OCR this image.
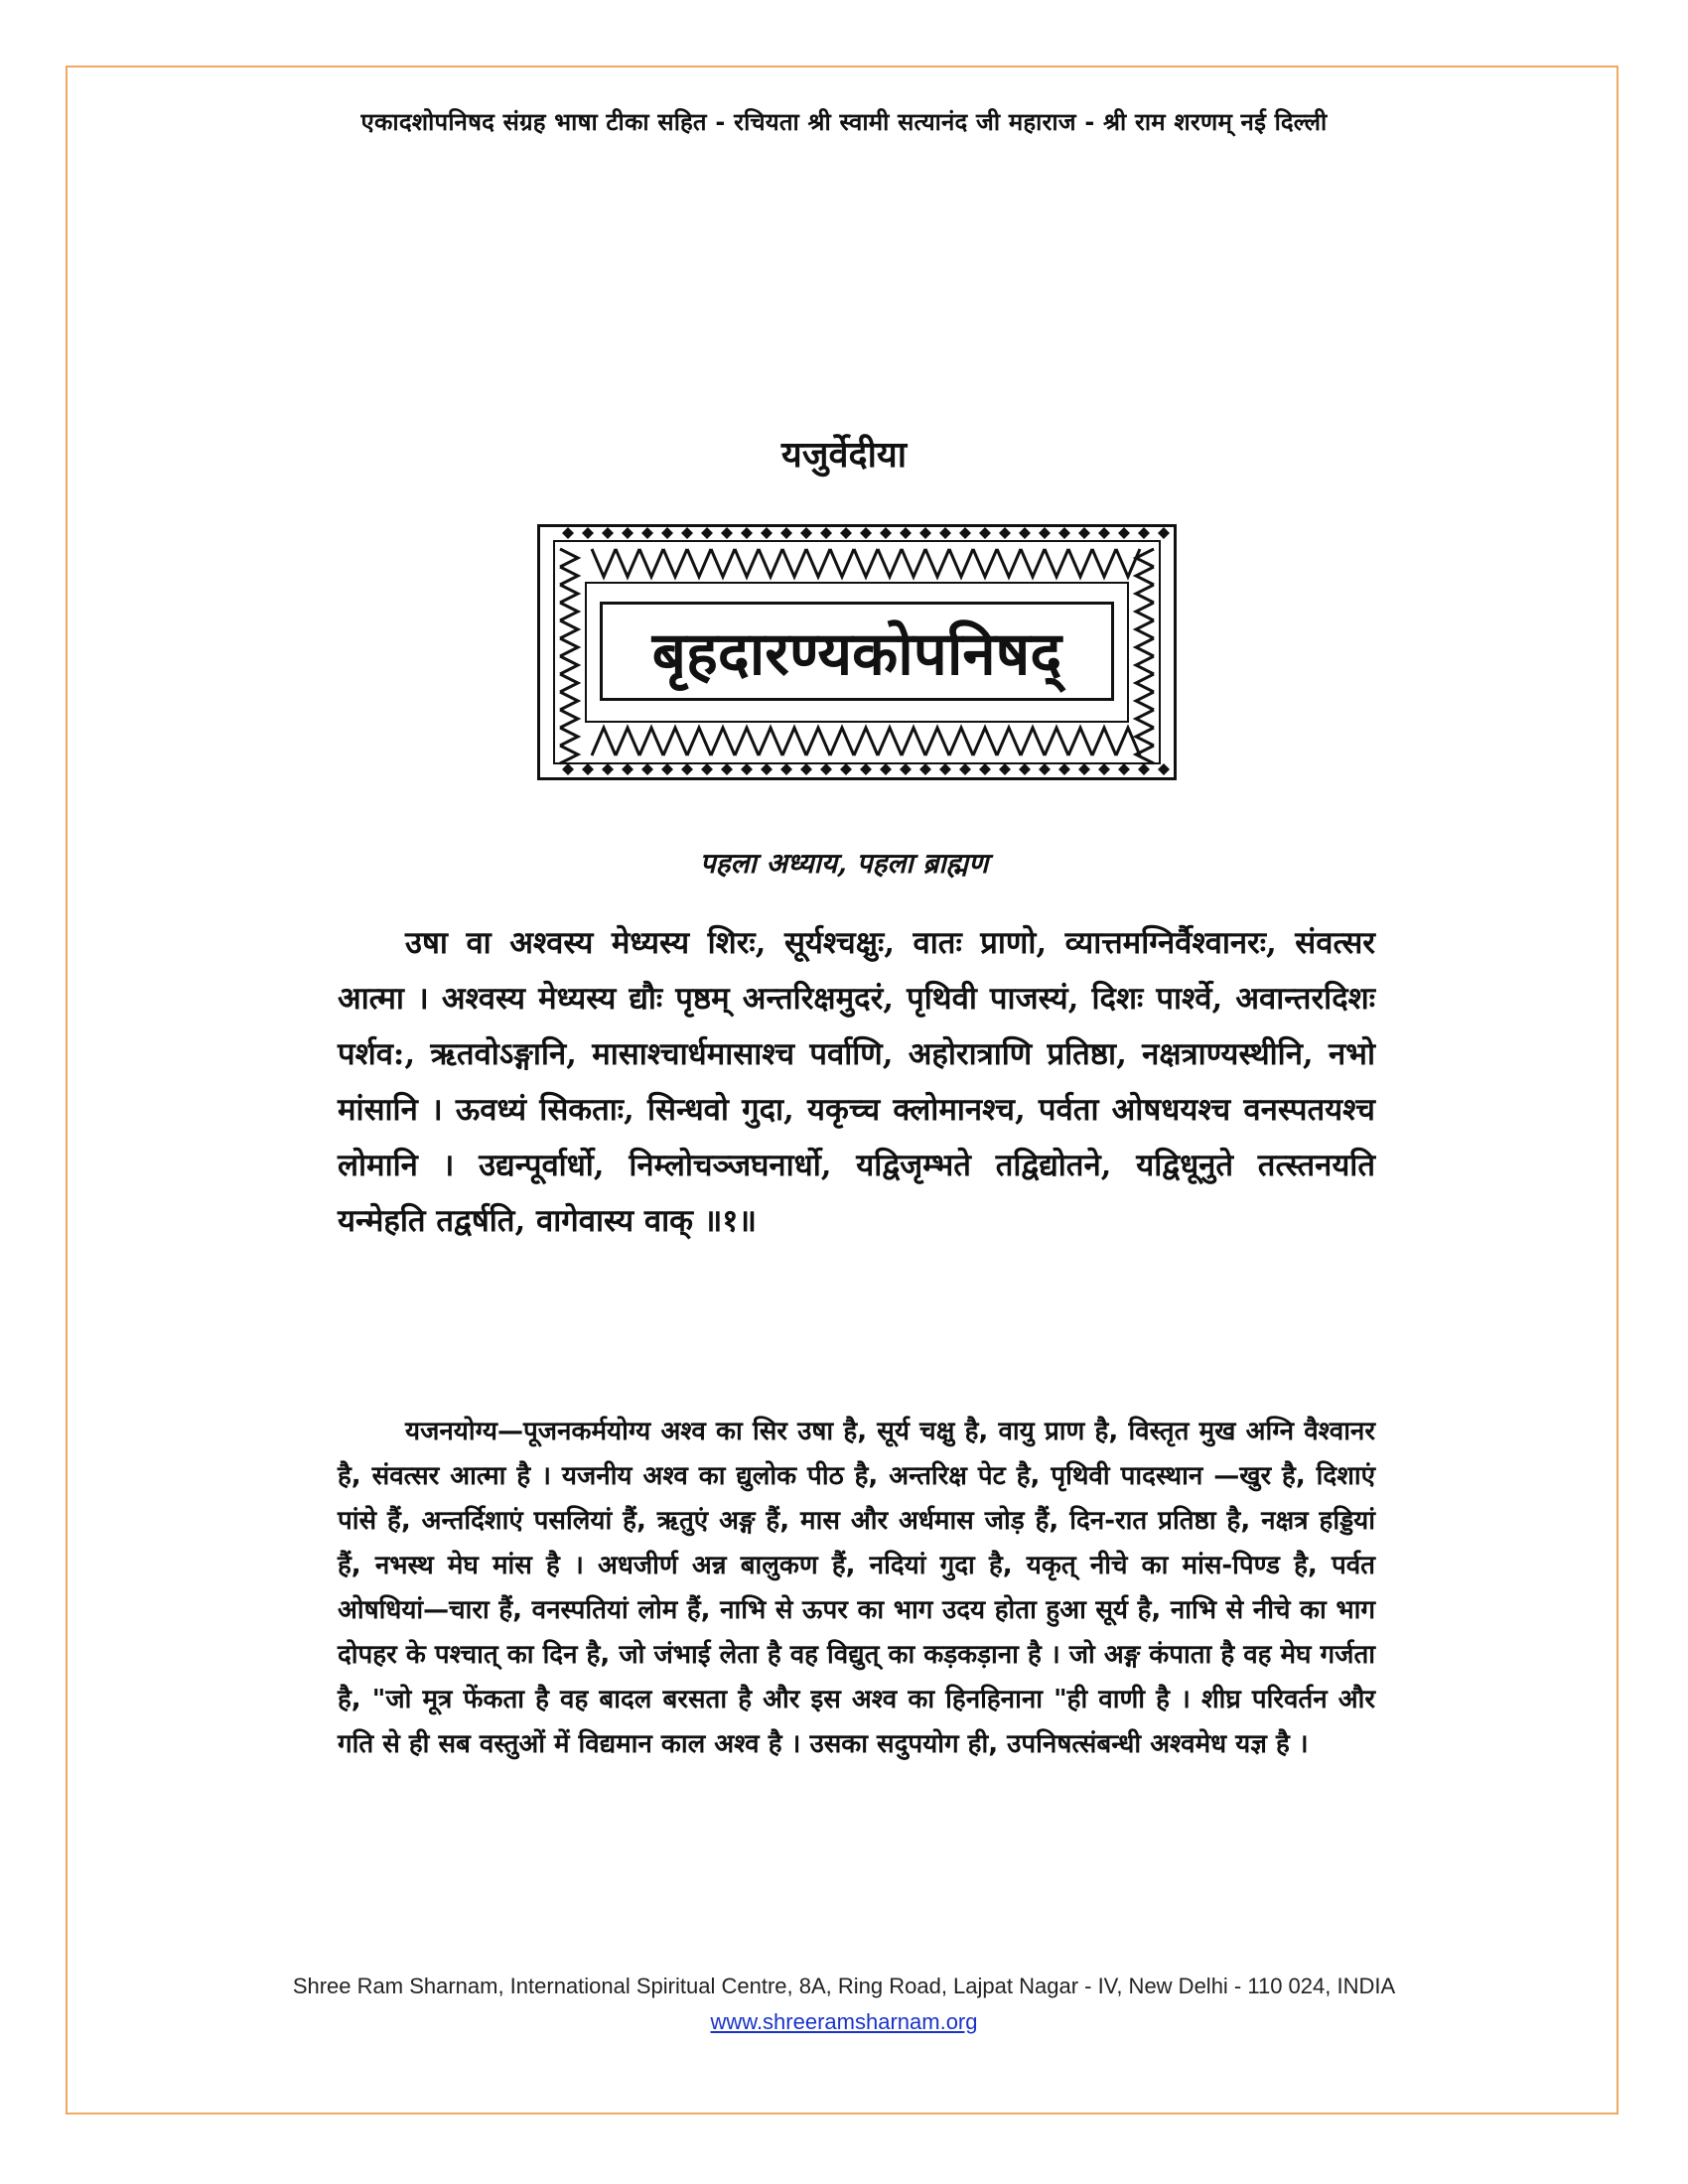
एकादशोपनिषद संग्रह भाषा टीका सहित - रचियता श्री स्वामी सत्यानंद जी महाराज - श्री राम शरणम् नई दिल्ली
यजुर्वेदीया
बृहदारण्यकोपनिषद्
पहला अध्याय, पहला ब्राह्मण
उषा वा अश्वस्य मेध्यस्य शिरः, सूर्यश्चक्षुः, वातः प्राणो, व्यात्तमग्निर्वैश्वानरः, संवत्सर आत्मा । अश्वस्य मेध्यस्य द्यौः पृष्ठम् अन्तरिक्षमुदरं, पृथिवी पाजस्यं, दिशः पार्श्वे, अवान्तरदिशः पर्शव:, ऋतवोऽङ्गानि, मासाश्चार्धमासाश्च पर्वाणि, अहोरात्राणि प्रतिष्ठा, नक्षत्राण्यस्थीनि, नभो मांसानि । ऊवध्यं सिकताः, सिन्धवो गुदा, यकृच्च क्लोमानश्च, पर्वता ओषधयश्च वनस्पतयश्च लोमानि । उद्यन्पूर्वार्धो, निम्लोचञ्जघनार्धो, यद्विजृम्भते तद्विद्योतने, यद्विधूनुते तत्स्तनयति यन्मेहति तद्वर्षति, वागेवास्य वाक् ॥१॥
यजनयोग्य—पूजनकर्मयोग्य अश्व का सिर उषा है, सूर्य चक्षु है, वायु प्राण है, विस्तृत मुख अग्नि वैश्वानर है, संवत्सर आत्मा है । यजनीय अश्व का द्युलोक पीठ है, अन्तरिक्ष पेट है, पृथिवी पादस्थान —खुर है, दिशाएं पांसे हैं, अन्तर्दिशाएं पसलियां हैं, ऋतुएं अङ्ग हैं, मास और अर्धमास जोड़ हैं, दिन-रात प्रतिष्ठा है, नक्षत्र हड्डियां हैं, नभस्थ मेघ मांस है । अधजीर्ण अन्न बालुकण हैं, नदियां गुदा है, यकृत् नीचे का मांस-पिण्ड है, पर्वत ओषधियां—चारा हैं, वनस्पतियां लोम हैं, नाभि से ऊपर का भाग उदय होता हुआ सूर्य है, नाभि से नीचे का भाग दोपहर के पश्चात् का दिन है, जो जंभाई लेता है वह विद्युत् का कड़कड़ाना है । जो अङ्ग कंपाता है वह मेघ गर्जता है, "जो मूत्र फेंकता है वह बादल बरसता है और इस अश्व का हिनहिनाना "ही वाणी है । शीघ्र परिवर्तन और गति से ही सब वस्तुओं में विद्यमान काल अश्व है । उसका सदुपयोग ही, उपनिषत्संबन्धी अश्वमेध यज्ञ है ।
Shree Ram Sharnam, International Spiritual Centre, 8A, Ring Road, Lajpat Nagar - IV, New Delhi - 110 024, INDIA
www.shreeramsharnam.org
